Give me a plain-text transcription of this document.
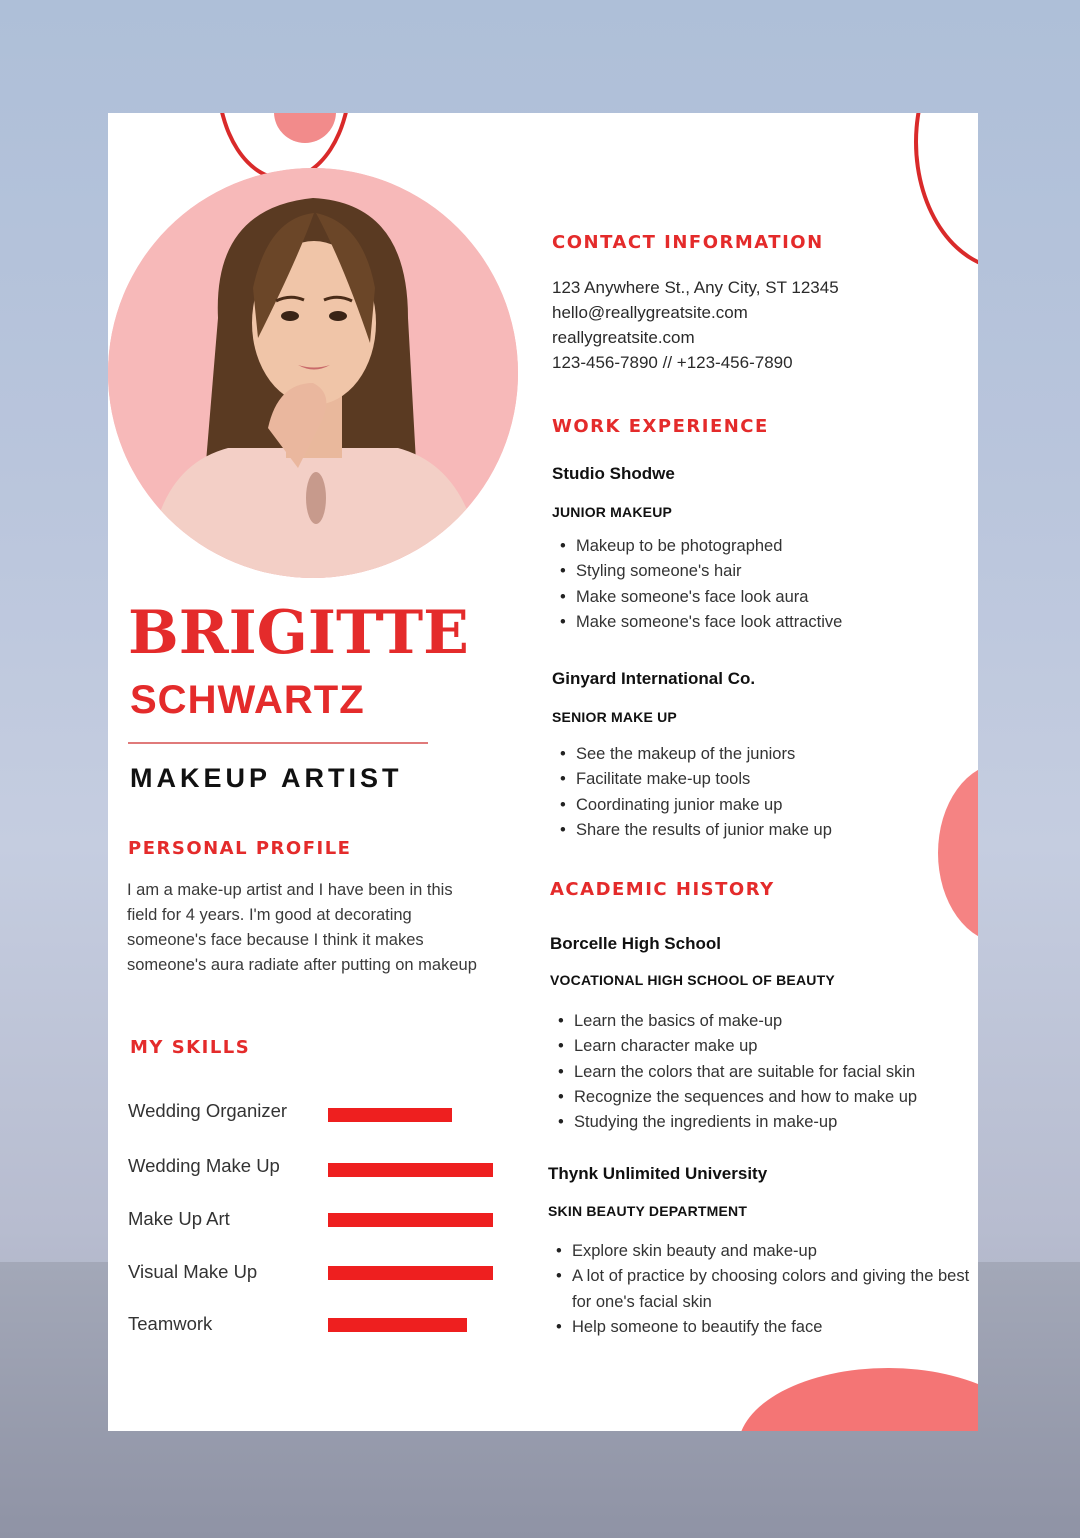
BRIGITTE
SCHWARTZ
MAKEUP ARTIST
PERSONAL PROFILE

I am a make-up artist and I have been in this field for 4 years. I'm good at decorating someone's face because I think it makes someone's aura radiate after putting on makeup

MY SKILLS

Wedding Organizer

Wedding Make Up

Make Up Art

Visual Make Up

Teamwork

CONTACT INFORMATION
123 Anywhere St., Any City, ST 12345
hello@reallygreatsite.com
reallygreatsite.com
123-456-7890 // +123-456-7890
WORK EXPERIENCE

Studio Shodwe

JUNIOR MAKEUP

• Makeup to be photographed
• Styling someone's hair
• Make someone's face look aura
• Make someone's face look attractive

Ginyard International Co.

SENIOR MAKE UP

• See the makeup of the juniors
• Facilitate make-up tools
• Coordinating junior make up
• Share the results of junior make up
ACADEMIC HISTORY

Borcelle High School

VOCATIONAL HIGH SCHOOL OF BEAUTY

• Learn the basics of make-up
• Learn character make up
• Learn the colors that are suitable for facial skin
• Recognize the sequences and how to make up
• Studying the ingredients in make-up

Thynk Unlimited University

SKIN BEAUTY DEPARTMENT

• Explore skin beauty and make-up
• A lot of practice by choosing colors and giving the best for one's facial skin
• Help someone to beautify the face
